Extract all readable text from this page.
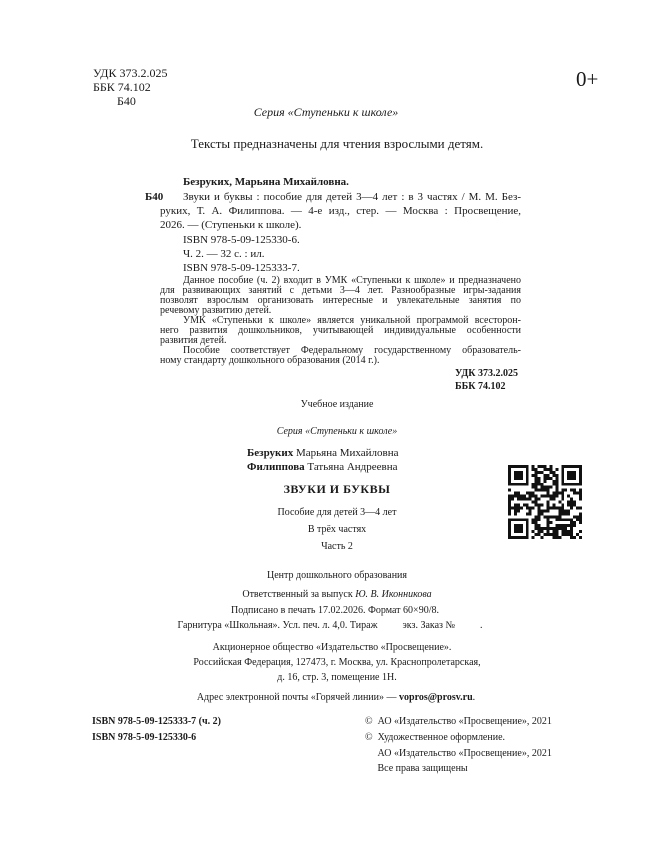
УДК 373.2.025
ББК 74.102
Б40
0+
Серия «Ступеньки к школе»
Тексты предназначены для чтения взрослыми детям.
Безруких, Марьяна Михайловна.
Б40 Звуки и буквы : пособие для детей 3—4 лет : в 3 частях / М. М. Без-
руких, Т. А. Филиппова. — 4-е изд., стер. — Москва : Просвещение,
2026. — (Ступеньки к школе).
ISBN 978-5-09-125330-6.
Ч. 2. — 32 с. : ил.
ISBN 978-5-09-125333-7.
Данное пособие (ч. 2) входит в УМК «Ступеньки к школе» и предназначено
для развивающих занятий с детьми 3—4 лет. Разнообразные игры-задания
позволят взрослым организовать интересные и увлекательные занятия по
речевому развитию детей.
УМК «Ступеньки к школе» является уникальной программой всесторон-
него развития дошкольников, учитывающей индивидуальные особенности
развития детей.
Пособие соответствует Федеральному государственному образователь-
ному стандарту дошкольного образования (2014 г.).
УДК 373.2.025
ББК 74.102
Учебное издание
Серия «Ступеньки к школе»
Безруких Марьяна Михайловна
Филиппова Татьяна Андреевна
ЗВУКИ И БУКВЫ
Пособие для детей 3—4 лет
В трёх частях
Часть 2
Центр дошкольного образования
Ответственный за выпуск Ю. В. Иконникова
Подписано в печать 17.02.2026. Формат 60×90/8.
Гарнитура «Школьная». Усл. печ. л. 4,0. Тираж          экз. Заказ №          .
Акционерное общество «Издательство «Просвещение».
Российская Федерация, 127473, г. Москва, ул. Краснопролетарская,
д. 16, стр. 3, помещение 1Н.
Адрес электронной почты «Горячей линии» — vopros@prosv.ru.
ISBN 978-5-09-125333-7 (ч. 2)
ISBN 978-5-09-125330-6
©  АО «Издательство «Просвещение», 2021
©  Художественное оформление.
АО «Издательство «Просвещение», 2021
Все права защищены
